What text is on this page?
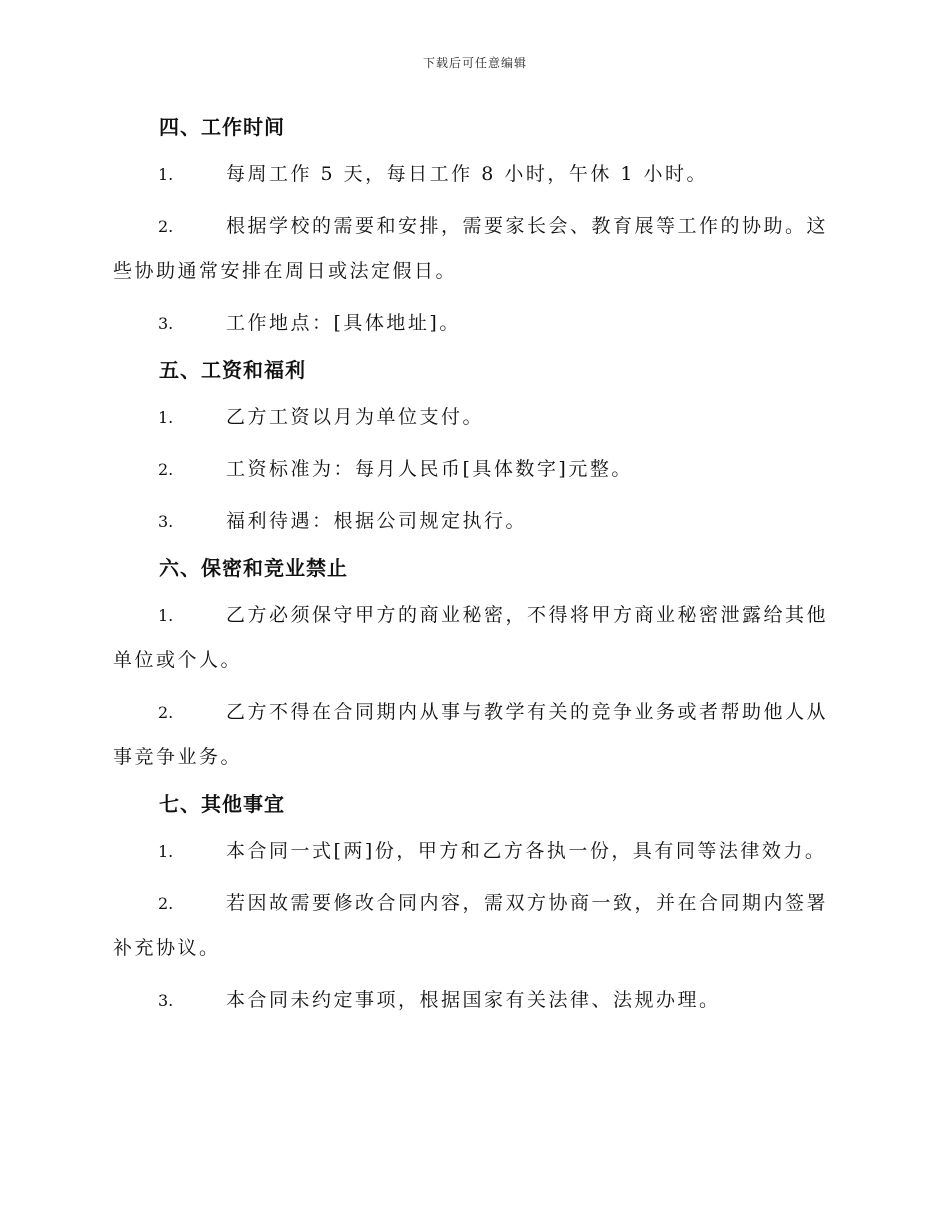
下载后可任意编辑
四、工作时间
1.	每周工作 5 天，每日工作 8 小时，午休 1 小时。
2.	根据学校的需要和安排，需要家长会、教育展等工作的协助。这些协助通常安排在周日或法定假日。
3.	工作地点：[具体地址]。
五、工资和福利
1.	乙方工资以月为单位支付。
2.	工资标准为：每月人民币[具体数字]元整。
3.	福利待遇：根据公司规定执行。
六、保密和竞业禁止
1.	乙方必须保守甲方的商业秘密，不得将甲方商业秘密泄露给其他单位或个人。
2.	乙方不得在合同期内从事与教学有关的竞争业务或者帮助他人从事竞争业务。
七、其他事宜
1.	本合同一式[两]份，甲方和乙方各执一份，具有同等法律效力。
2.	若因故需要修改合同内容，需双方协商一致，并在合同期内签署补充协议。
3.	本合同未约定事项，根据国家有关法律、法规办理。
